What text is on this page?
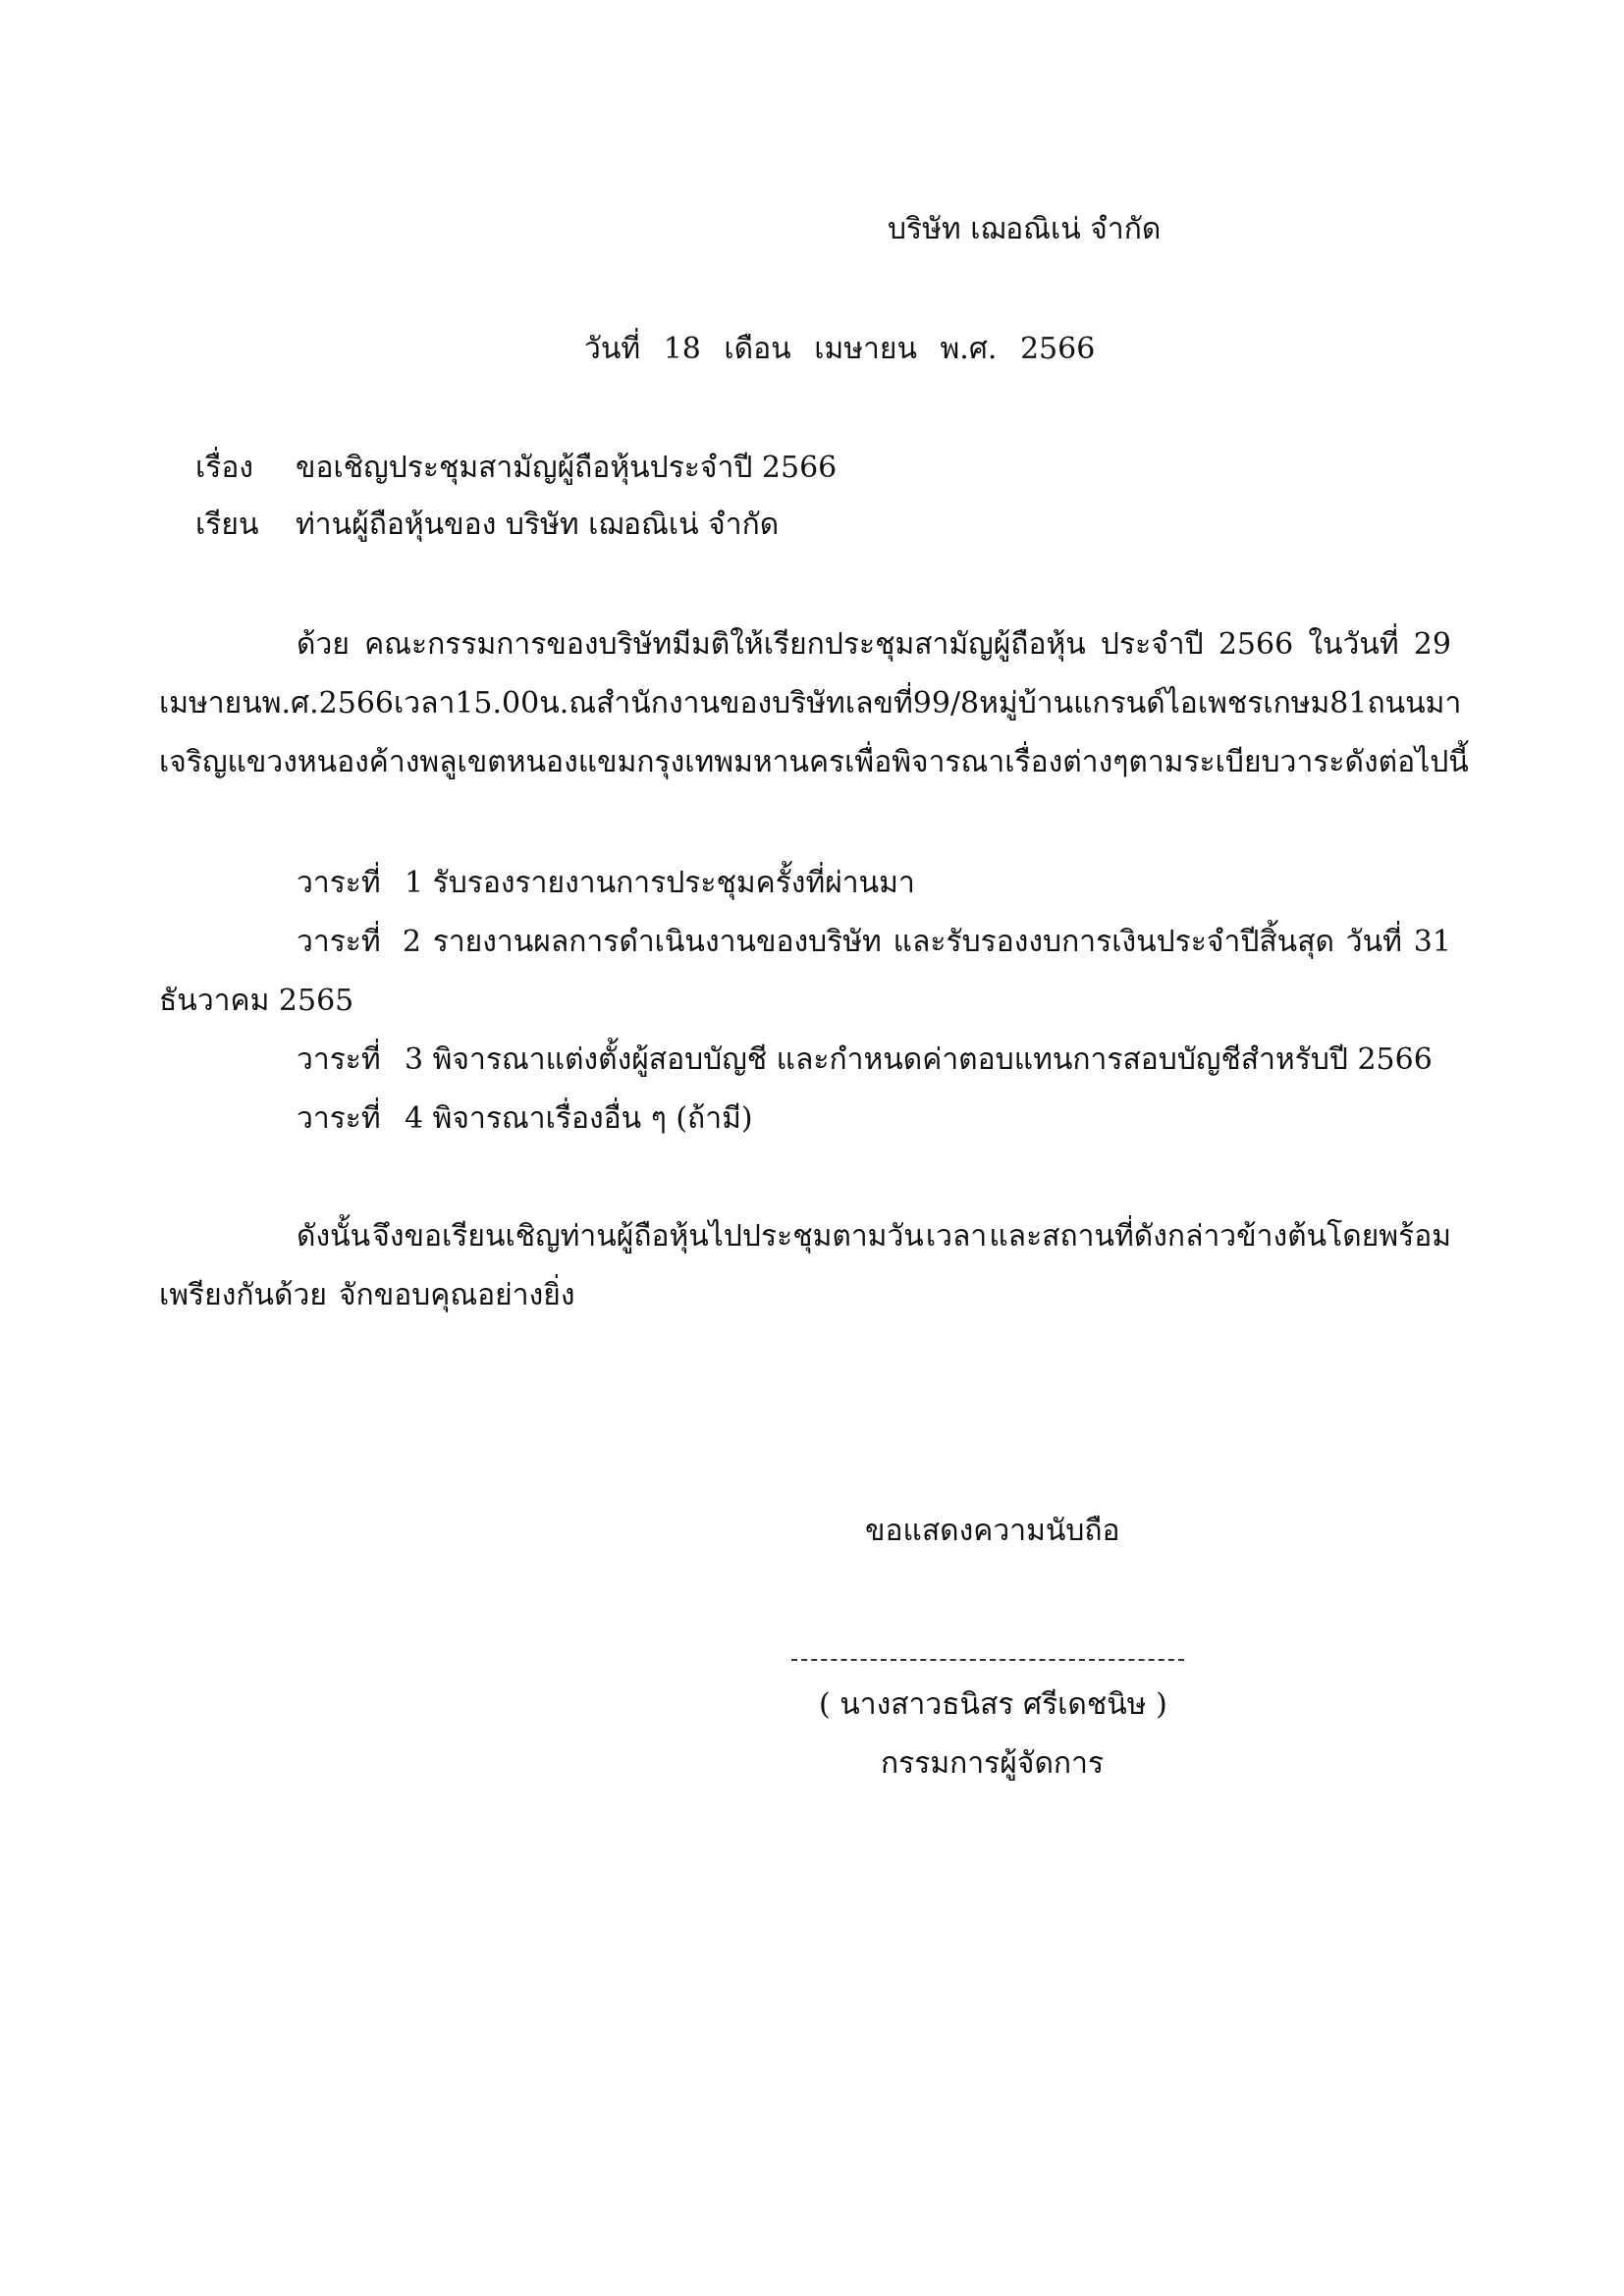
บริษัท เฌอณิเน่ จำกัด
วันที่ 18 เดือน เมษายน พ.ศ. 2566
เรื่อง ขอเชิญประชุมสามัญผู้ถือหุ้นประจำปี 2566
เรียน ท่านผู้ถือหุ้นของ บริษัท เฌอณิเน่ จำกัด
ด้วย คณะกรรมการของบริษัทมีมติให้เรียกประชุมสามัญผู้ถือหุ้น ประจำปี 2566 ในวันที่ 29
เมษายน พ.ศ. 2566 เวลา 15.00 น. ณ สำนักงานของบริษัท เลขที่ 99/8 หมู่บ้าน แกรนด์ไอ เพชรเกษม 81 ถนนมา
เจริญ แขวงหนองค้างพลู เขตหนองแขม กรุงเทพมหานคร เพื่อพิจารณาเรื่องต่าง ๆ ตามระเบียบวาระดังต่อไปนี้
วาระที่ 1 รับรองรายงานการประชุมครั้งที่ผ่านมา
วาระที่ 2 รายงานผลการดำเนินงานของบริษัท และรับรองงบการเงินประจำปีสิ้นสุด วันที่ 31
ธันวาคม 2565
วาระที่ 3 พิจารณาแต่งตั้งผู้สอบบัญชี และกำหนดค่าตอบแทนการสอบบัญชีสำหรับปี 2566
วาระที่ 4 พิจารณาเรื่องอื่น ๆ (ถ้ามี)
ดังนั้น จึงขอเรียนเชิญท่านผู้ถือหุ้นไปประชุมตามวัน เวลา และสถานที่ดังกล่าวข้างต้นโดยพร้อม
เพรียงกันด้วย จักขอบคุณอย่างยิ่ง
ขอแสดงความนับถือ
( นางสาวธนิสร ศรีเดชนิษ )
กรรมการผู้จัดการ
